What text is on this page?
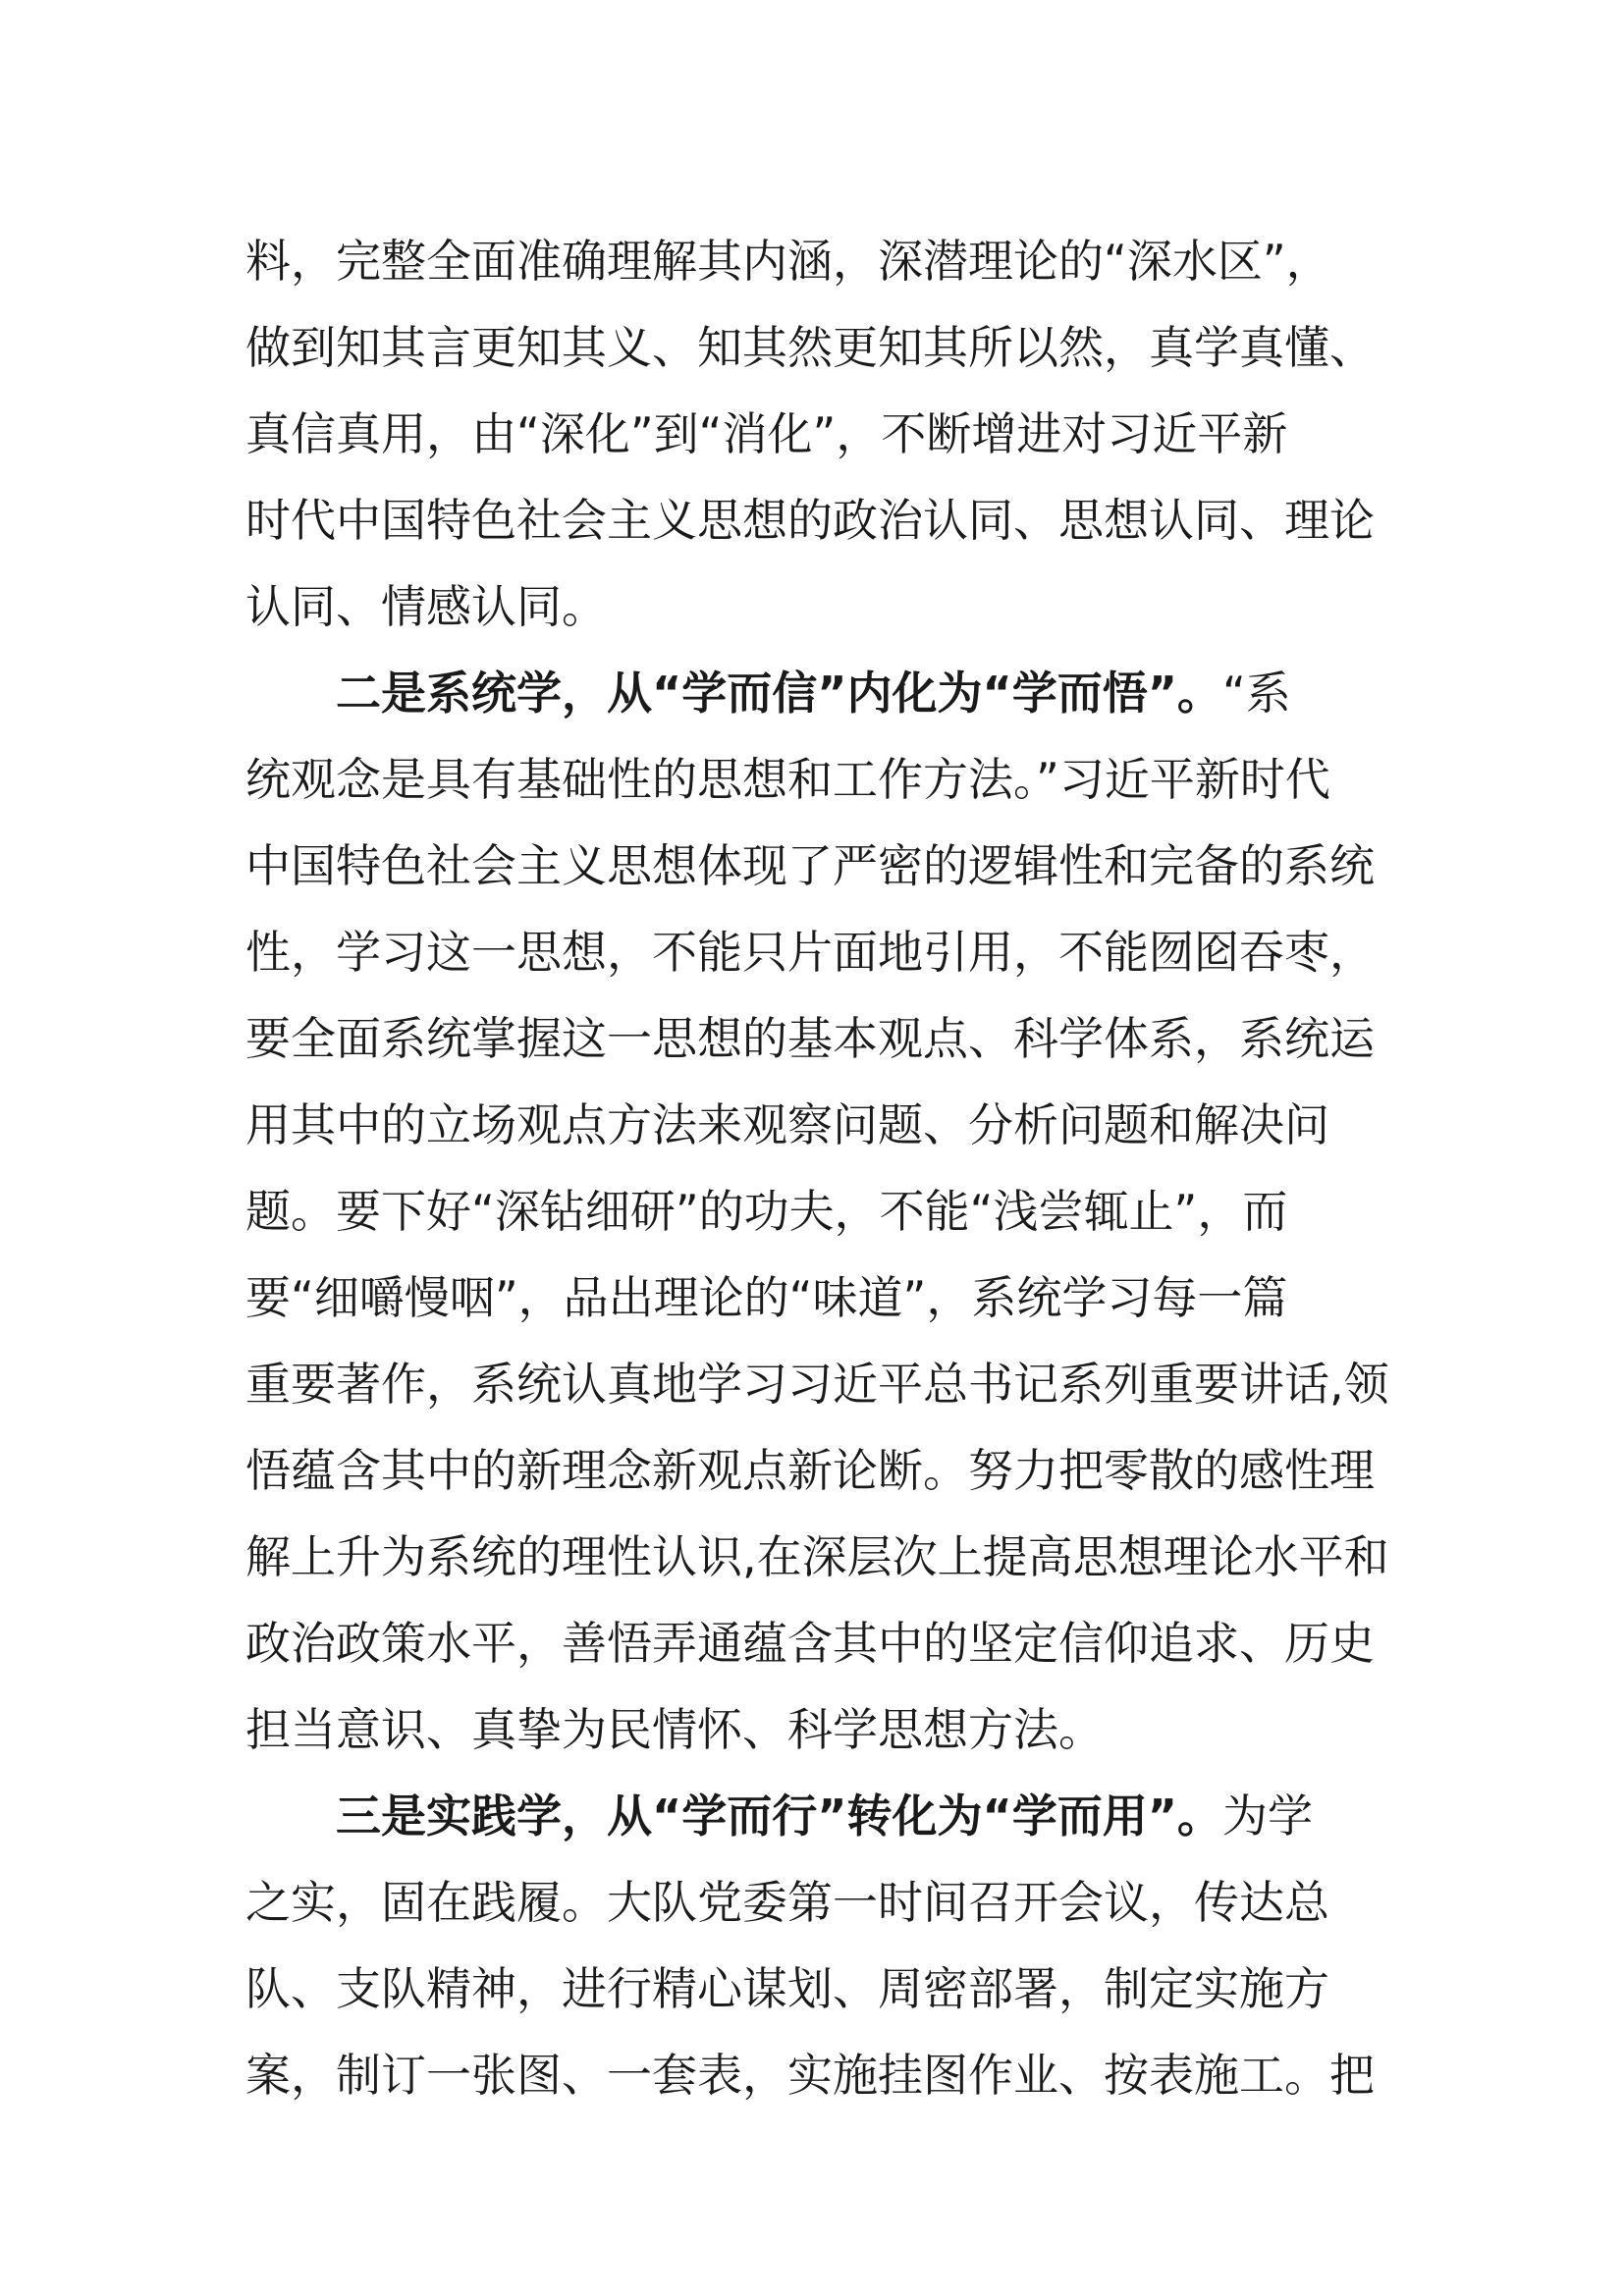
料，完整全面准确理解其内涵，深潜理论的“深水区”，
做到知其言更知其义、知其然更知其所以然，真学真懂、
真信真用，由“深化”到“消化”，不断增进对习近平新
时代中国特色社会主义思想的政治认同、思想认同、理论
认同、情感认同。
二是系统学，从“学而信”内化为“学而悟”。“系
统观念是具有基础性的思想和工作方法。”习近平新时代
中国特色社会主义思想体现了严密的逻辑性和完备的系统
性，学习这一思想，不能只片面地引用，不能囫囵吞枣，
要全面系统掌握这一思想的基本观点、科学体系，系统运
用其中的立场观点方法来观察问题、分析问题和解决问
题。要下好“深钻细研”的功夫，不能“浅尝辄止”，而
要“细嚼慢咽”，品出理论的“味道”，系统学习每一篇
重要著作，系统认真地学习习近平总书记系列重要讲话,领
悟蕴含其中的新理念新观点新论断。努力把零散的感性理
解上升为系统的理性认识,在深层次上提高思想理论水平和
政治政策水平，善悟弄通蕴含其中的坚定信仰追求、历史
担当意识、真挚为民情怀、科学思想方法。
三是实践学，从“学而行”转化为“学而用”。为学
之实，固在践履。大队党委第一时间召开会议，传达总
队、支队精神，进行精心谋划、周密部署，制定实施方
案，制订一张图、一套表，实施挂图作业、按表施工。把
